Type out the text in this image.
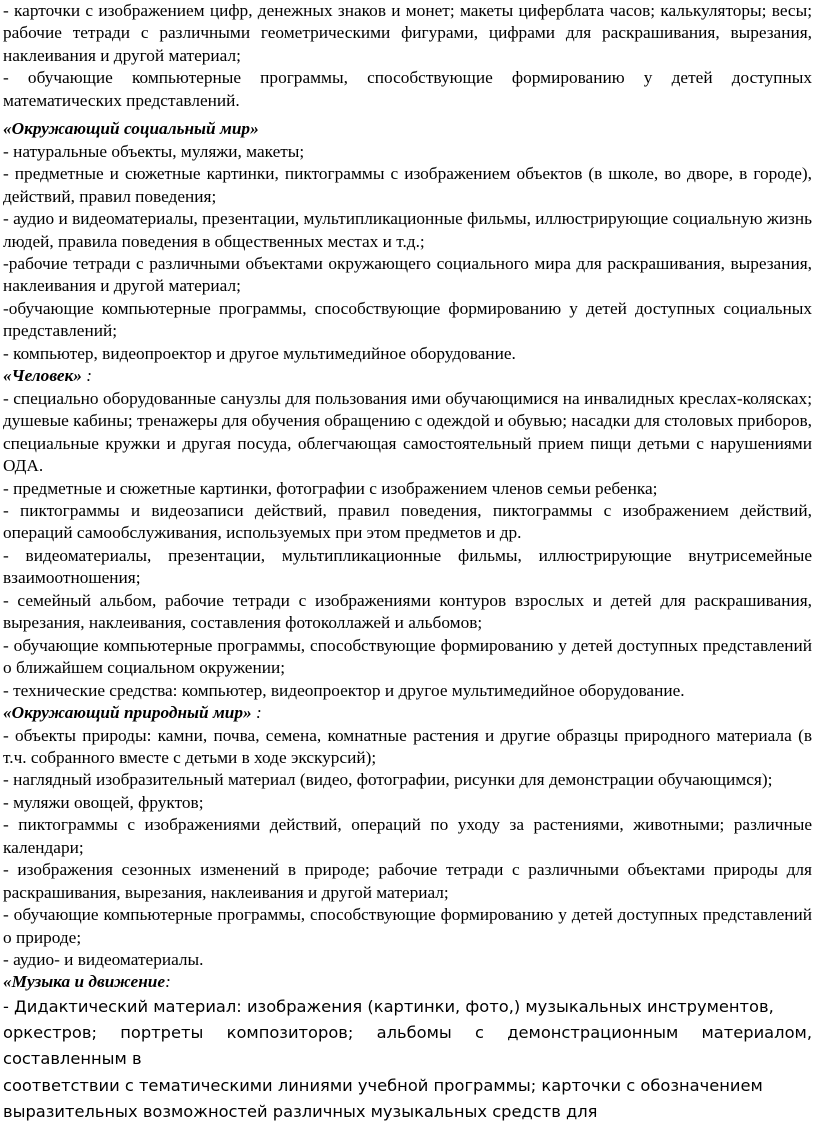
- карточки с изображением цифр, денежных знаков и монет; макеты циферблата часов; калькуляторы; весы; рабочие тетради с различными геометрическими фигурами, цифрами для раскрашивания, вырезания, наклеивания и другой материал;

- обучающие компьютерные программы, способствующие формированию у детей доступных математических представлений.

«Окружающий социальный мир»

- натуральные объекты, муляжи, макеты;

- предметные и сюжетные картинки, пиктограммы с изображением объектов (в школе, во дворе, в городе), действий, правил поведения;

- аудио и видеоматериалы, презентации, мультипликационные фильмы, иллюстрирующие социальную жизнь людей, правила поведения в общественных местах и т.д.;

-рабочие тетради с различными объектами окружающего социального мира для раскрашивания, вырезания, наклеивания и другой материал;

-обучающие компьютерные программы, способствующие формированию у детей доступных социальных представлений;

- компьютер, видеопроектор и другое мультимедийное оборудование.

«Человек» :

- специально оборудованные санузлы для пользования ими обучающимися на инвалидных креслах-колясках; душевые кабины; тренажеры для обучения обращению с одеждой и обувью; насадки для столовых приборов, специальные кружки и другая посуда, облегчающая самостоятельный прием пищи детьми с нарушениями ОДА.

- предметные и сюжетные картинки, фотографии с изображением членов семьи ребенка;

- пиктограммы и видеозаписи действий, правил поведения, пиктограммы с изображением действий, операций самообслуживания, используемых при этом предметов и др.

- видеоматериалы, презентации, мультипликационные фильмы, иллюстрирующие внутрисемейные взаимоотношения;

- семейный альбом, рабочие тетради с изображениями контуров взрослых и детей для раскрашивания, вырезания, наклеивания, составления фотоколлажей и альбомов;

- обучающие компьютерные программы, способствующие формированию у детей доступных представлений о ближайшем социальном окружении;

- технические средства: компьютер, видеопроектор и другое мультимедийное оборудование.

«Окружающий природный мир» :

- объекты природы: камни, почва, семена, комнатные растения и другие образцы природного материала (в т.ч. собранного вместе с детьми в ходе экскурсий);

- наглядный изобразительный материал (видео, фотографии, рисунки для демонстрации обучающимся);

- муляжи овощей, фруктов;

- пиктограммы с изображениями действий, операций по уходу за растениями, животными; различные календари;

- изображения сезонных изменений в природе; рабочие тетради с различными объектами природы для раскрашивания, вырезания, наклеивания и другой материал;

- обучающие компьютерные программы, способствующие формированию у детей доступных представлений о природе;

- аудио- и видеоматериалы.

«Музыка и движение:

- Дидактический материал: изображения (картинки, фото,) музыкальных инструментов,

оркестров; портреты композиторов; альбомы с демонстрационным материалом, составленным в

соответствии с тематическими линиями учебной программы; карточки с обозначением

выразительных возможностей различных музыкальных средств для
